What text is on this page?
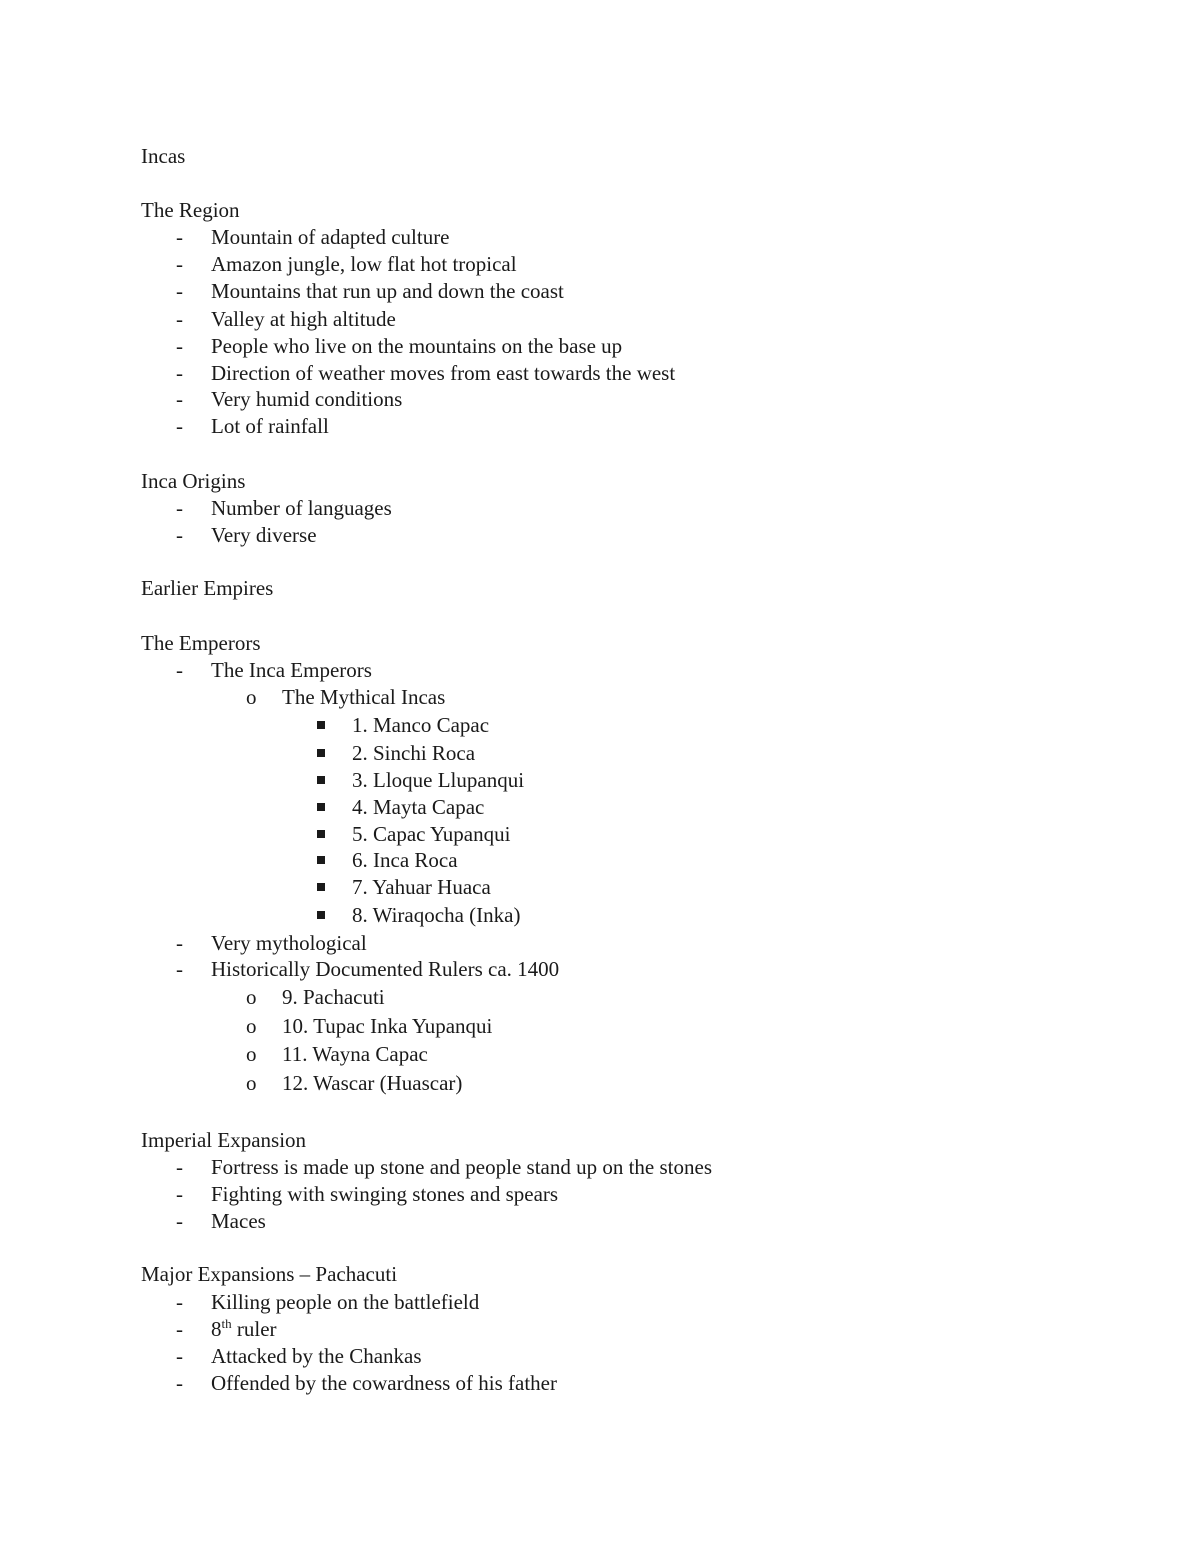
Incas
The Region
- Mountain of adapted culture
- Amazon jungle, low flat hot tropical
- Mountains that run up and down the coast
- Valley at high altitude
- People who live on the mountains on the base up
- Direction of weather moves from east towards the west
- Very humid conditions
- Lot of rainfall
Inca Origins
- Number of languages
- Very diverse
Earlier Empires
The Emperors
- The Inca Emperors
o The Mythical Incas
1. Manco Capac
2. Sinchi Roca
3. Lloque Llupanqui
4. Mayta Capac
5. Capac Yupanqui
6. Inca Roca
7. Yahuar Huaca
8. Wiraqocha (Inka)
- Very mythological
- Historically Documented Rulers ca. 1400
o 9. Pachacuti
o 10. Tupac Inka Yupanqui
o 11. Wayna Capac
o 12. Wascar (Huascar)
Imperial Expansion
- Fortress is made up stone and people stand up on the stones
- Fighting with swinging stones and spears
- Maces
Major Expansions – Pachacuti
- Killing people on the battlefield
- 8th ruler
- Attacked by the Chankas
- Offended by the cowardness of his father
